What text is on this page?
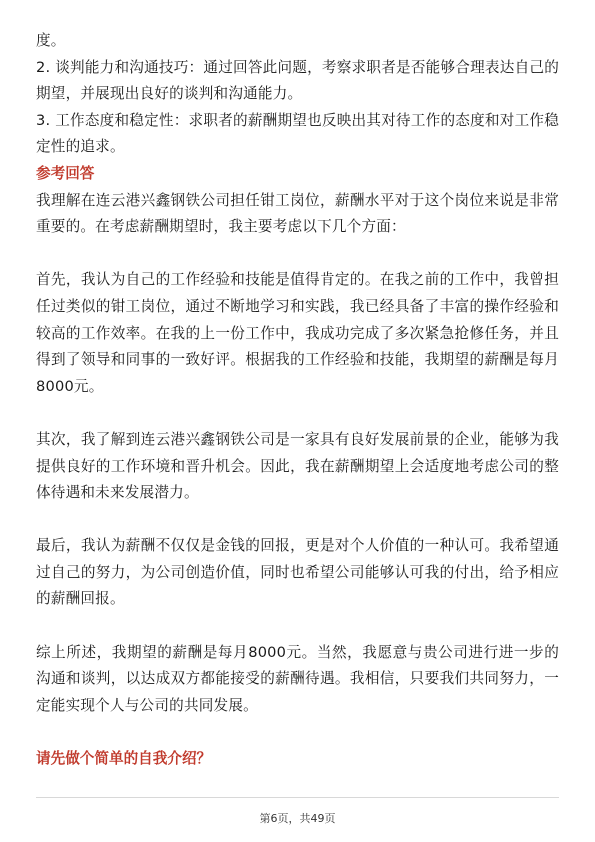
度。

2. 谈判能力和沟通技巧：通过回答此问题，考察求职者是否能够合理表达自己的期望，并展现出良好的谈判和沟通能力。

3. 工作态度和稳定性：求职者的薪酬期望也反映出其对待工作的态度和对工作稳定性的追求。

参考回答

我理解在连云港兴鑫钢铁公司担任钳工岗位，薪酬水平对于这个岗位来说是非常重要的。在考虑薪酬期望时，我主要考虑以下几个方面：

首先，我认为自己的工作经验和技能是值得肯定的。在我之前的工作中，我曾担任过类似的钳工岗位，通过不断地学习和实践，我已经具备了丰富的操作经验和较高的工作效率。在我的上一份工作中，我成功完成了多次紧急抢修任务，并且得到了领导和同事的一致好评。根据我的工作经验和技能，我期望的薪酬是每月8000元。

其次，我了解到连云港兴鑫钢铁公司是一家具有良好发展前景的企业，能够为我提供良好的工作环境和晋升机会。因此，我在薪酬期望上会适度地考虑公司的整体待遇和未来发展潜力。

最后，我认为薪酬不仅仅是金钱的回报，更是对个人价值的一种认可。我希望通过自己的努力，为公司创造价值，同时也希望公司能够认可我的付出，给予相应的薪酬回报。

综上所述，我期望的薪酬是每月8000元。当然，我愿意与贵公司进行进一步的沟通和谈判，以达成双方都能接受的薪酬待遇。我相信，只要我们共同努力，一定能实现个人与公司的共同发展。

请先做个简单的自我介绍？
第6页，共49页
